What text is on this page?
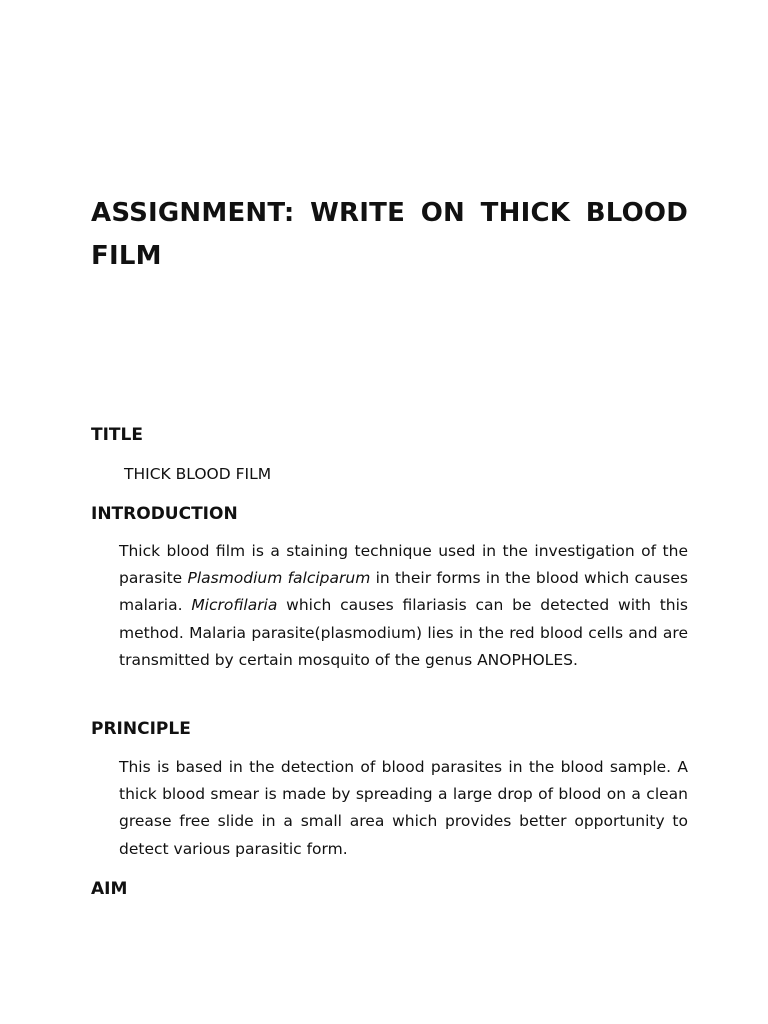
ASSIGNMENT: WRITE ON THICK BLOOD FILM
TITLE

THICK BLOOD FILM

INTRODUCTION

Thick blood film is a staining technique used in the investigation of the parasite Plasmodium falciparum in their forms in the blood which causes malaria. Microfilaria which causes filariasis can be detected with this method. Malaria parasite(plasmodium) lies in the red blood cells and are transmitted by certain mosquito of the genus ANOPHOLES.

PRINCIPLE

This is based in the detection of blood parasites in the blood sample. A thick blood smear is made by spreading a large drop of blood on a clean grease free slide in a small area which provides better opportunity to detect various parasitic form.

AIM
